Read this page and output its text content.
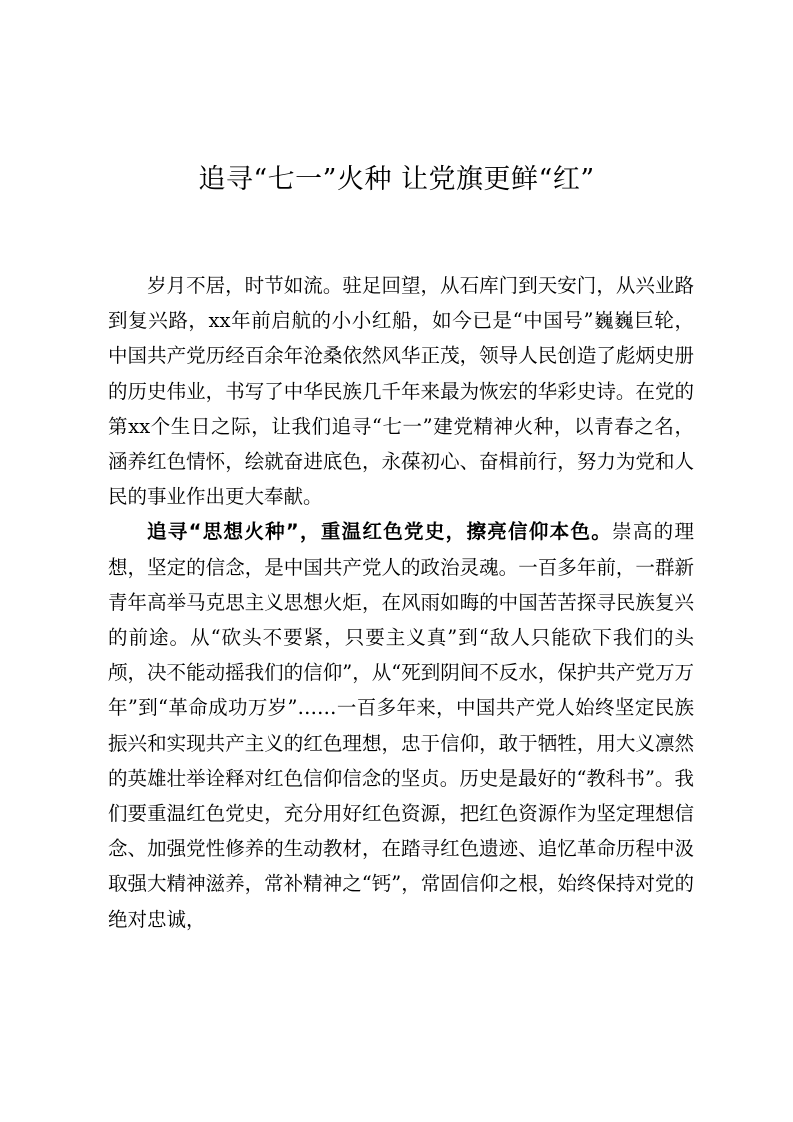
追寻“七一”火种 让党旗更鲜“红”

岁月不居，时节如流。驻足回望，从石库门到天安门，从兴业路到复兴路，xx年前启航的小小红船，如今已是“中国号”巍巍巨轮，中国共产党历经百余年沧桑依然风华正茂，领导人民创造了彪炳史册的历史伟业，书写了中华民族几千年来最为恢宏的华彩史诗。在党的第xx个生日之际，让我们追寻“七一”建党精神火种，以青春之名，涵养红色情怀，绘就奋进底色，永葆初心、奋楫前行，努力为党和人民的事业作出更大奉献。

追寻“思想火种”，重温红色党史，擦亮信仰本色。崇高的理想，坚定的信念，是中国共产党人的政治灵魂。一百多年前，一群新青年高举马克思主义思想火炬，在风雨如晦的中国苦苦探寻民族复兴的前途。从“砍头不要紧，只要主义真”到“敌人只能砍下我们的头颅，决不能动摇我们的信仰”，从“死到阴间不反水，保护共产党万万年”到“革命成功万岁”……一百多年来，中国共产党人始终坚定民族振兴和实现共产主义的红色理想，忠于信仰，敢于牺牲，用大义凛然的英雄壮举诠释对红色信仰信念的坚贞。历史是最好的“教科书”。我们要重温红色党史，充分用好红色资源，把红色资源作为坚定理想信念、加强党性修养的生动教材，在踏寻红色遗迹、追忆革命历程中汲取强大精神滋养，常补精神之“钙”，常固信仰之根，始终保持对党的绝对忠诚，
